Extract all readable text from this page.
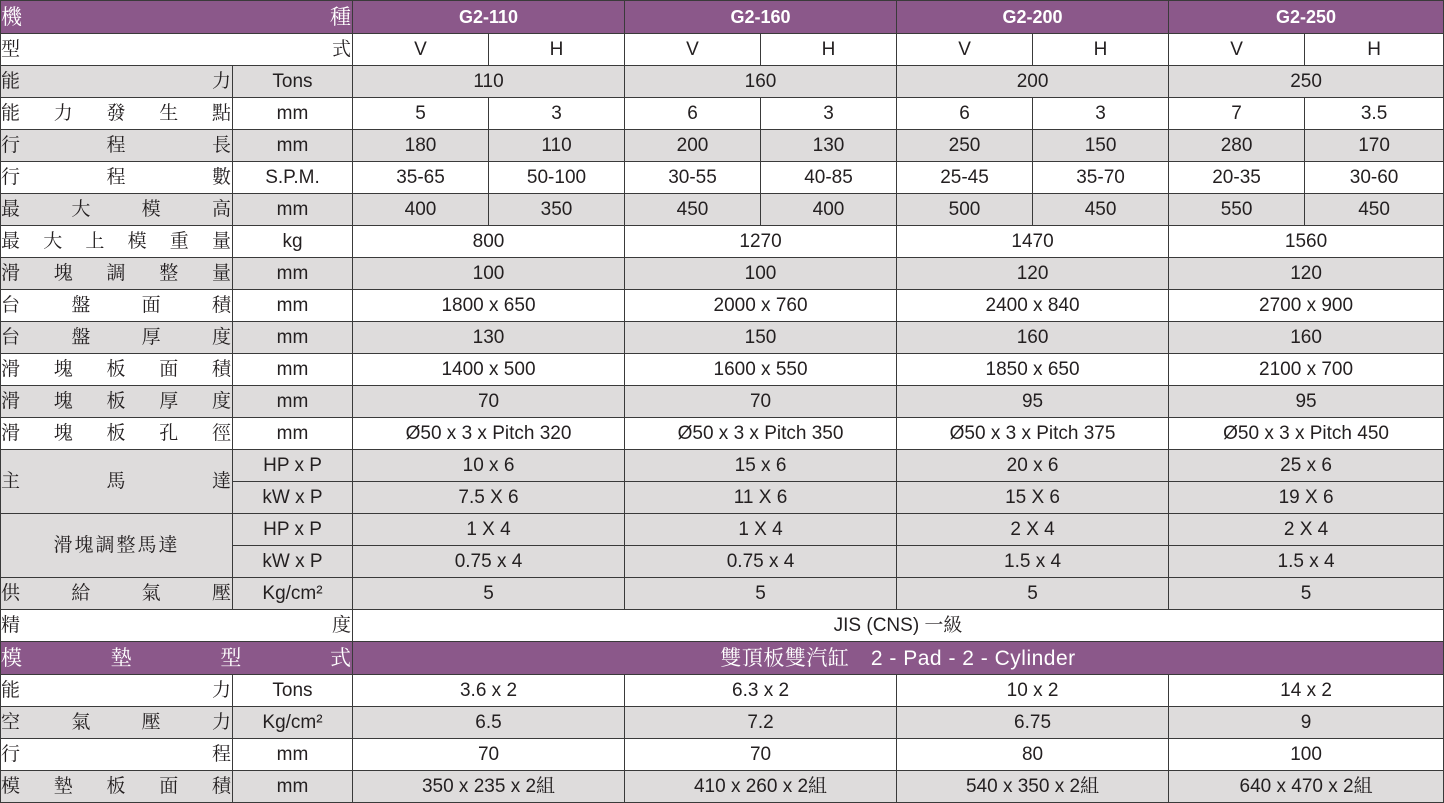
機 種		G2-110		G2-160		G2-200		G2-250	
型 式		V	H	V	H	V	H	V	H
能 力	Tons	110		160		200		250	
能力發生點	mm	5	3	6	3	6	3	7	3.5
行 程 長	mm	180	110	200	130	250	150	280	170
行 程 數	S.P.M.	35-65	50-100	30-55	40-85	25-45	35-70	20-35	30-60
最 大 模 高	mm	400	350	450	400	500	450	550	450
最大上模重量	kg	800		1270		1470		1560	
滑塊調整量	mm	100		100		120		120	
台 盤 面 積	mm	1800 x 650		2000 x 760		2400 x 840		2700 x 900	
台 盤 厚 度	mm	130		150		160		160	
滑塊板面積	mm	1400 x 500		1600 x 550		1850 x 650		2100 x 700	
滑塊板厚度	mm	70		70		95		95	
滑塊板孔徑	mm	Ø50 x 3 x Pitch 320		Ø50 x 3 x Pitch 350		Ø50 x 3 x Pitch 375		Ø50 x 3 x Pitch 450	
主 馬 達	HP x P	10 x 6		15 x 6		20 x 6		25 x 6	
	kW x P	7.5 X 6		11 X 6		15 X 6		19 X 6	
滑塊調整馬達	HP x P	1 X 4		1 X 4		2 X 4		2 X 4	
	kW x P	0.75 x 4		0.75 x 4		1.5 x 4		1.5 x 4	
供 給 氣 壓	Kg/cm²	5		5		5		5	
精 度		JIS (CNS) 一級							
模 墊 型 式		雙頂板雙汽缸　2 - Pad - 2 - Cylinder							
能 力	Tons	3.6 x 2		6.3 x 2		10 x 2		14 x 2	
空 氣 壓 力	Kg/cm²	6.5		7.2		6.75		9	
行 程	mm	70		70		80		100	
模 墊 板 面 積	mm	350 x 235 x 2組		410 x 260 x 2組		540 x 350 x 2組		640 x 470 x 2組	
